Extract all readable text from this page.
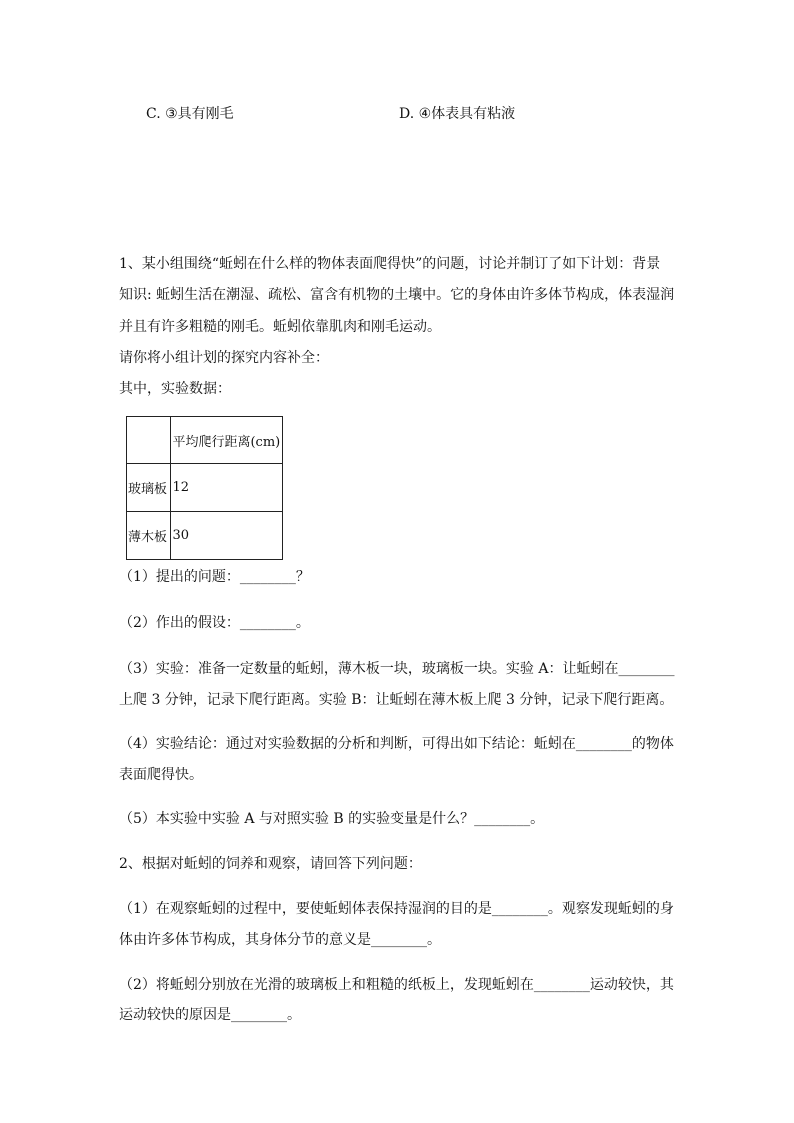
C. ③具有刚毛	D. ④体表具有粘液
1、某小组围绕“蚯蚓在什么样的物体表面爬得快”的问题，讨论并制订了如下计划：背景
知识: 蚯蚓生活在潮湿、疏松、富含有机物的土壤中。它的身体由许多体节构成，体表湿润
并且有许多粗糙的刚毛。蚯蚓依靠肌肉和刚毛运动。
请你将小组计划的探究内容补全：
其中，实验数据：
	平均爬行距离(cm)
玻璃板	12
薄木板	30
（1）提出的问题：________？
（2）作出的假设：________。
（3）实验：准备一定数量的蚯蚓，薄木板一块，玻璃板一块。实验 A：让蚯蚓在________
上爬 3 分钟，记录下爬行距离。实验 B：让蚯蚓在薄木板上爬 3 分钟，记录下爬行距离。
（4）实验结论：通过对实验数据的分析和判断，可得出如下结论：蚯蚓在________的物体
表面爬得快。
（5）本实验中实验 A 与对照实验 B 的实验变量是什么？________。
2、根据对蚯蚓的饲养和观察，请回答下列问题：
（1）在观察蚯蚓的过程中，要使蚯蚓体表保持湿润的目的是________。观察发现蚯蚓的身
体由许多体节构成，其身体分节的意义是________。
（2）将蚯蚓分别放在光滑的玻璃板上和粗糙的纸板上，发现蚯蚓在________运动较快，其
运动较快的原因是________。
